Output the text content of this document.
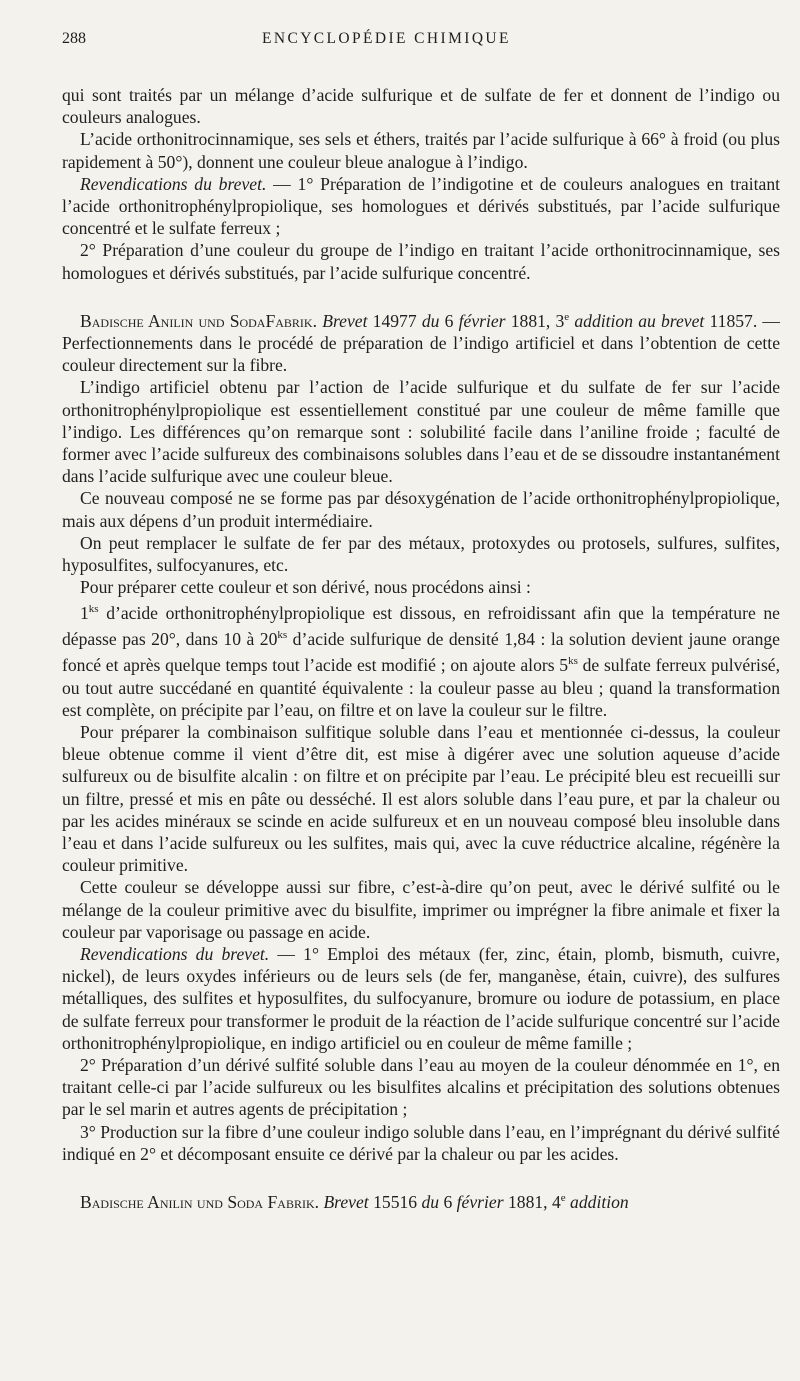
288	ENCYCLOPÉDIE CHIMIQUE

qui sont traités par un mélange d’acide sulfurique et de sulfate de fer et donnent de l’indigo ou couleurs analogues.

L’acide orthonitrocinnamique, ses sels et éthers, traités par l’acide sulfurique à 66° à froid (ou plus rapidement à 50°), donnent une couleur bleue analogue à l’indigo.

Revendications du brevet. — 1° Préparation de l’indigotine et de couleurs analogues en traitant l’acide orthonitrophénylpropiolique, ses homologues et dérivés substitués, par l’acide sulfurique concentré et le sulfate ferreux ;

2° Préparation d’une couleur du groupe de l’indigo en traitant l’acide orthonitrocinnamique, ses homologues et dérivés substitués, par l’acide sulfurique concentré.

Badische Anilin und SodaFabrik. Brevet 14977 du 6 février 1881, 3e addition au brevet 11857. — Perfectionnements dans le procédé de préparation de l’indigo artificiel et dans l’obtention de cette couleur directement sur la fibre.

L’indigo artificiel obtenu par l’action de l’acide sulfurique et du sulfate de fer sur l’acide orthonitrophénylpropiolique est essentiellement constitué par une couleur de même famille que l’indigo. Les différences qu’on remarque sont : solubilité facile dans l’aniline froide ; faculté de former avec l’acide sulfureux des combinaisons solubles dans l’eau et de se dissoudre instantanément dans l’acide sulfurique avec une couleur bleue.

Ce nouveau composé ne se forme pas par désoxygénation de l’acide orthonitrophénylpropiolique, mais aux dépens d’un produit intermédiaire.

On peut remplacer le sulfate de fer par des métaux, protoxydes ou protosels, sulfures, sulfites, hyposulfites, sulfocyanures, etc.

Pour préparer cette couleur et son dérivé, nous procédons ainsi :

$1^{ks}$ d’acide orthonitrophénylpropiolique est dissous, en refroidissant afin que la température ne dépasse pas 20°, dans 10 à $20^{ks}$ d’acide sulfurique de densité 1,84 : la solution devient jaune orange foncé et après quelque temps tout l’acide est modifié ; on ajoute alors $5^{ks}$ de sulfate ferreux pulvérisé, ou tout autre succédané en quantité équivalente : la couleur passe au bleu ; quand la transformation est complète, on précipite par l’eau, on filtre et on lave la couleur sur le filtre.

Pour préparer la combinaison sulfitique soluble dans l’eau et mentionnée ci-dessus, la couleur bleue obtenue comme il vient d’être dit, est mise à digérer avec une solution aqueuse d’acide sulfureux ou de bisulfite alcalin : on filtre et on précipite par l’eau. Le précipité bleu est recueilli sur un filtre, pressé et mis en pâte ou desséché. Il est alors soluble dans l’eau pure, et par la chaleur ou par les acides minéraux se scinde en acide sulfureux et en un nouveau composé bleu insoluble dans l’eau et dans l’acide sulfureux ou les sulfites, mais qui, avec la cuve réductrice alcaline, régénère la couleur primitive.

Cette couleur se développe aussi sur fibre, c’est-à-dire qu’on peut, avec le dérivé sulfité ou le mélange de la couleur primitive avec du bisulfite, imprimer ou imprégner la fibre animale et fixer la couleur par vaporisage ou passage en acide.

Revendications du brevet. — 1° Emploi des métaux (fer, zinc, étain, plomb, bismuth, cuivre, nickel), de leurs oxydes inférieurs ou de leurs sels (de fer, manganèse, étain, cuivre), des sulfures métalliques, des sulfites et hyposulfites, du sulfocyanure, bromure ou iodure de potassium, en place de sulfate ferreux pour transformer le produit de la réaction de l’acide sulfurique concentré sur l’acide orthonitrophénylpropiolique, en indigo artificiel ou en couleur de même famille ;

2° Préparation d’un dérivé sulfité soluble dans l’eau au moyen de la couleur dénommée en 1°, en traitant celle-ci par l’acide sulfureux ou les bisulfites alcalins et précipitation des solutions obtenues par le sel marin et autres agents de précipitation ;

3° Production sur la fibre d’une couleur indigo soluble dans l’eau, en l’imprégnant du dérivé sulfité indiqué en 2° et décomposant ensuite ce dérivé par la chaleur ou par les acides.

Badische Anilin und Soda Fabrik. Brevet 15516 du 6 février 1881, 4e addition
